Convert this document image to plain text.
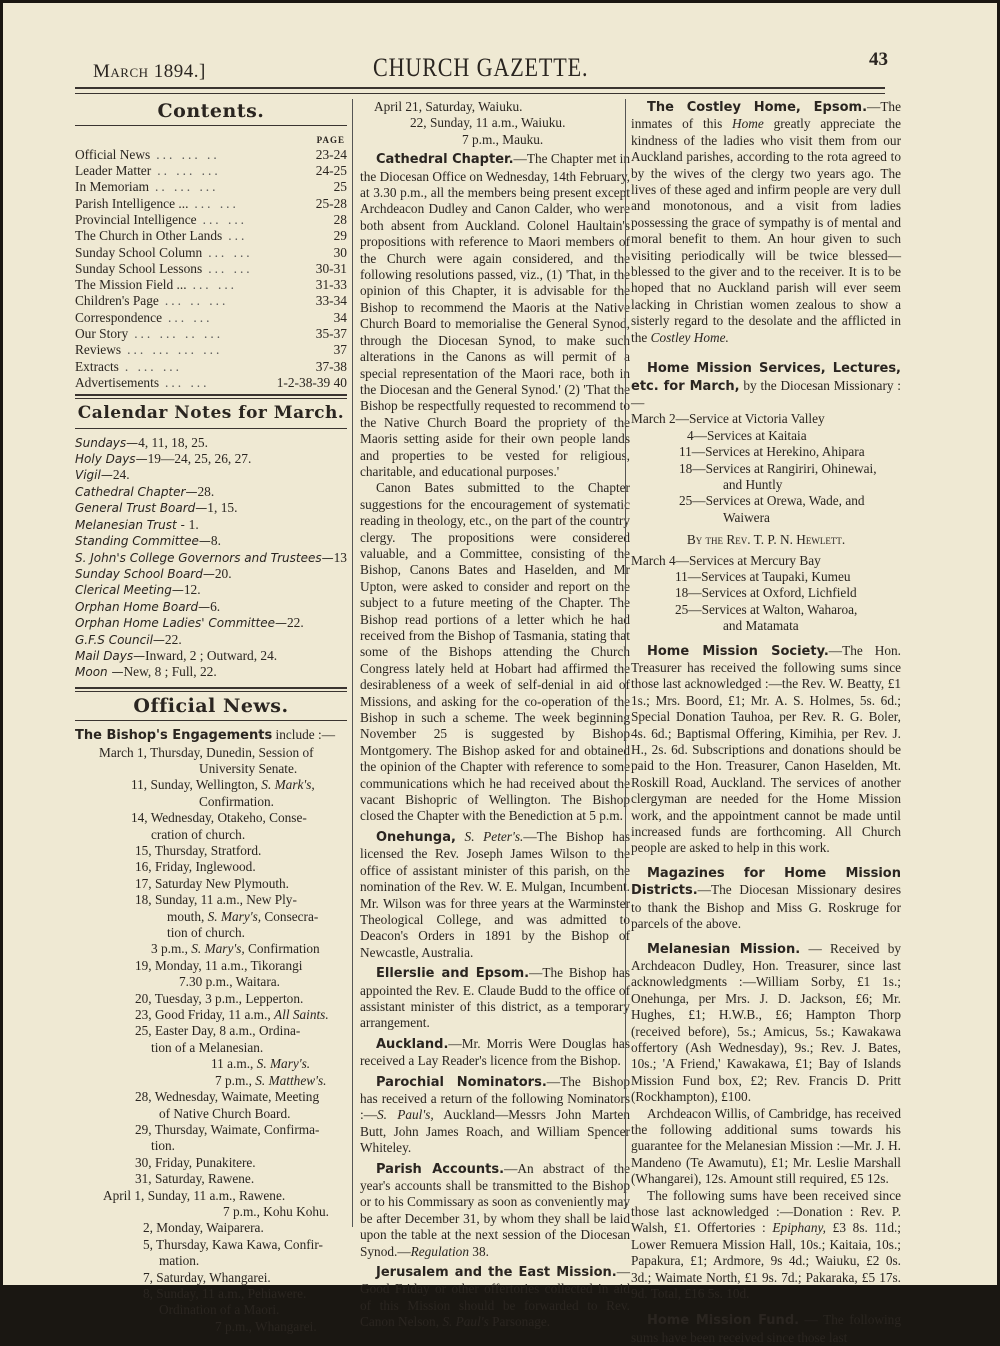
March 1894.]	CHURCH GAZETTE.	43
Contents.
PAGE
Official News ... ... ..	23-24
Leader Matter .. ... ...	24-25
In Memoriam .. ... ...	25
Parish Intelligence ... ... ...	25-28
Provincial Intelligence ... ...	28
The Church in Other Lands ...	29
Sunday School Column ... ...	30
Sunday School Lessons ... ...	30-31
The Mission Field ... ... ...	31-33
Children's Page ... .. ...	33-34
Correspondence ... ...	34
Our Story ... ... .. ...	35-37
Reviews ... ... ... ...	37
Extracts . ... ...	37-38
Advertisements ... ...	1-2-38-39 40
Calendar Notes for March.
Sundays—4, 11, 18, 25.
Holy Days—19—24, 25, 26, 27.
Vigil—24.
Cathedral Chapter—28.
General Trust Board—1, 15.
Melanesian Trust - 1.
Standing Committee—8.
S. John's College Governors and Trustees—13
Sunday School Board—20.
Clerical Meeting—12.
Orphan Home Board—6.
Orphan Home Ladies' Committee—22.
G.F.S Council—22.
Mail Days—Inward, 2 ; Outward, 24.
Moon —New, 8 ; Full, 22.
Official News.
The Bishop's Engagements include :—
March 1, Thursday, Dunedin, Session of
University Senate.
11, Sunday, Wellington, S. Mark's,
Confirmation.
14, Wednesday, Otakeho, Conse-
cration of church.
15, Thursday, Stratford.
16, Friday, Inglewood.
17, Saturday New Plymouth.
18, Sunday, 11 a.m., New Ply-
mouth, S. Mary's, Consecra-
tion of church.
3 p.m., S. Mary's, Confirmation
19, Monday, 11 a.m., Tikorangi
7.30 p.m., Waitara.
20, Tuesday, 3 p.m., Lepperton.
23, Good Friday, 11 a.m., All Saints.
25, Easter Day, 8 a.m., Ordina-
tion of a Melanesian.
11 a.m., S. Mary's.
7 p.m., S. Matthew's.
28, Wednesday, Waimate, Meeting
of Native Church Board.
29, Thursday, Waimate, Confirma-
tion.
30, Friday, Punakitere.
31, Saturday, Rawene.
April 1, Sunday, 11 a.m., Rawene.
7 p.m., Kohu Kohu.
2, Monday, Waiparera.
5, Thursday, Kawa Kawa, Confir-
mation.
7, Saturday, Whangarei.
8, Sunday, 11 a.m., Pehiawere.
Ordination of a Maori.
7 p.m., Whangarei.
April 21, Saturday, Waiuku.
22, Sunday, 11 a.m., Waiuku.
7 p.m., Mauku.

Cathedral Chapter.—The Chapter met in the Diocesan Office on Wednesday, 14th February, at 3.30 p.m., all the members being present except Archdeacon Dudley and Canon Calder, who were both absent from Auckland. Colonel Haultain's propositions with reference to Maori members of the Church were again considered, and the following resolutions passed, viz., (1) 'That, in the opinion of this Chapter, it is advisable for the Bishop to recommend the Maoris at the Native Church Board to memorialise the General Synod, through the Diocesan Synod, to make such alterations in the Canons as will permit of a special representation of the Maori race, both in the Diocesan and the General Synod.' (2) 'That the Bishop be respectfully requested to recommend to the Native Church Board the propriety of the Maoris setting aside for their own people lands and properties to be vested for religious, charitable, and educational purposes.'

Canon Bates submitted to the Chapter suggestions for the encouragement of systematic reading in theology, etc., on the part of the country clergy. The propositions were considered valuable, and a Committee, consisting of the Bishop, Canons Bates and Haselden, and Mr Upton, were asked to consider and report on the subject to a future meeting of the Chapter. The Bishop read portions of a letter which he had received from the Bishop of Tasmania, stating that some of the Bishops attending the Church Congress lately held at Hobart had affirmed the desirableness of a week of self-denial in aid of Missions, and asking for the co-operation of the Bishop in such a scheme. The week beginning November 25 is suggested by Bishop Montgomery. The Bishop asked for and obtained the opinion of the Chapter with reference to some communications which he had received about the vacant Bishopric of Wellington. The Bishop closed the Chapter with the Benediction at 5 p.m.

Onehunga, S. Peter's.—The Bishop has licensed the Rev. Joseph James Wilson to the office of assistant minister of this parish, on the nomination of the Rev. W. E. Mulgan, Incumbent. Mr. Wilson was for three years at the Warminster Theological College, and was admitted to Deacon's Orders in 1891 by the Bishop of Newcastle, Australia.

Ellerslie and Epsom.—The Bishop has appointed the Rev. E. Claude Budd to the office of assistant minister of this district, as a temporary arrangement.

Auckland.—Mr. Morris Were Douglas has received a Lay Reader's licence from the Bishop.

Parochial Nominators.—The Bishop has received a return of the following Nominators :—S. Paul's, Auckland—Messrs John Marten Butt, John James Roach, and William Spencer Whiteley.

Parish Accounts.—An abstract of the year's accounts shall be transmitted to the Bishop or to his Commissary as soon as conveniently may be after December 31, by whom they shall be laid upon the table at the next session of the Diocesan Synod.—Regulation 38.

Jerusalem and the East Mission.—Good Friday or other offertories collected in aid of this Mission should be forwarded to Rev. Canon Nelson, S. Paul's Parsonage.

The Costley Home, Epsom.—The inmates of this Home greatly appreciate the kindness of the ladies who visit them from our Auckland parishes, according to the rota agreed to by the wives of the clergy two years ago. The lives of these aged and infirm people are very dull and monotonous, and a visit from ladies possessing the grace of sympathy is of mental and moral benefit to them. An hour given to such visiting periodically will be twice blessed—blessed to the giver and to the receiver. It is to be hoped that no Auckland parish will ever seem lacking in Christian women zealous to show a sisterly regard to the desolate and the afflicted in the Costley Home.

Home Mission Services, Lectures, etc. for March, by the Diocesan Missionary :—

March 2—Service at Victoria Valley
4—Services at Kaitaia
11—Services at Herekino, Ahipara
18—Services at Rangiriri, Ohinewai,
and Huntly
25—Services at Orewa, Wade, and
Waiwera
By the Rev. T. P. N. Hewlett.
March 4—Services at Mercury Bay
11—Services at Taupaki, Kumeu
18—Services at Oxford, Lichfield
25—Services at Walton, Waharoa,
and Matamata

Home Mission Society.—The Hon. Treasurer has received the following sums since those last acknowledged :—the Rev. W. Beatty, £1 1s.; Mrs. Boord, £1; Mr. A. S. Holmes, 5s. 6d.; Special Donation Tauhoa, per Rev. R. G. Boler, 4s. 6d.; Baptismal Offering, Kimihia, per Rev. J. H., 2s. 6d. Subscriptions and donations should be paid to the Hon. Treasurer, Canon Haselden, Mt. Roskill Road, Auckland. The services of another clergyman are needed for the Home Mission work, and the appointment cannot be made until increased funds are forthcoming. All Church people are asked to help in this work.

Magazines for Home Mission Districts.—The Diocesan Missionary desires to thank the Bishop and Miss G. Roskruge for parcels of the above.

Melanesian Mission. — Received by Archdeacon Dudley, Hon. Treasurer, since last acknowledgments :—William Sorby, £1 1s.; Onehunga, per Mrs. J. D. Jackson, £6; Mr. Hughes, £1; H.W.B., £6; Hampton Thorp (received before), 5s.; Amicus, 5s.; Kawakawa offertory (Ash Wednesday), 9s.; Rev. J. Bates, 10s.; 'A Friend,' Kawakawa, £1; Bay of Islands Mission Fund box, £2; Rev. Francis D. Pritt (Rockhampton), £100.

Archdeacon Willis, of Cambridge, has received the following additional sums towards his guarantee for the Melanesian Mission :—Mr. J. H. Mandeno (Te Awamutu), £1; Mr. Leslie Marshall (Whangarei), 12s. Amount still required, £5 12s.

The following sums have been received since those last acknowledged :—Donation : Rev. P. Walsh, £1. Offertories : Epiphany, £3 8s. 11d.; Lower Remuera Mission Hall, 10s.; Kaitaia, 10s.; Papakura, £1; Ardmore, 9s 4d.; Waiuku, £2 0s. 3d.; Waimate North, £1 9s. 7d.; Pakaraka, £5 17s. 9d. Total, £16 5s. 10d.

Home Mission Fund. — The following sums have been received since those last
